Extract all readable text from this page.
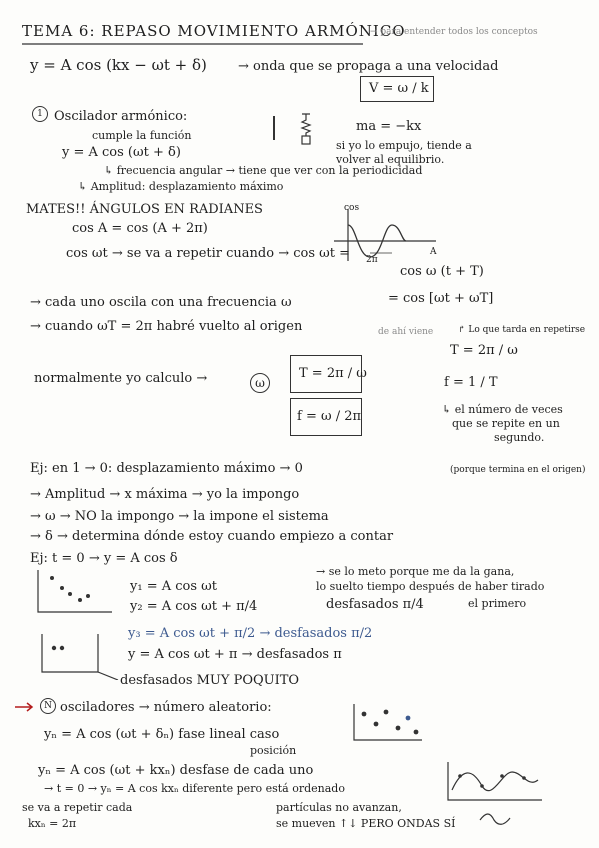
TEMA 6: REPASO MOVIMIENTO ARMÓNICO
→ para entender todos los conceptos
y = A cos (kx − ωt + δ) → onda que se propaga a una velocidad
V = ω / k
1 Oscilador armónico:
cumple la función
y = A cos (ωt + δ)
↳ frecuencia angular → tiene que ver con la periodicidad
↳ Amplitud: desplazamiento máximo
ma = −kx
si yo lo empujo, tiende a
volver al equilibrio.
MATES!! ÁNGULOS EN RADIANES
cos A = cos (A + 2π)
cos ωt → se va a repetir cuando → cos ωt =
cos ω (t + T)
= cos [ωt + ωT]
cos
A
2π
→ cada uno oscila con una frecuencia ω
→ cuando ωT = 2π habré vuelto al origen	de ahí viene
T = 2π / ω
↱ Lo que tarda en repetirse
normalmente yo calculo →	ω
T = 2π / ω
f = ω / 2π
f = 1 / T
↳ el número de veces
que se repite en un
segundo.
Ej: en 1 → 0: desplazamiento máximo → 0	(porque termina en el origen)
→ Amplitud → x máxima → yo la impongo
→ ω → NO la impongo → la impone el sistema
→ δ → determina dónde estoy cuando empiezo a contar
Ej: t = 0 → y = A cos δ
y₁ = A cos ωt
y₂ = A cos ωt + π/4	desfasados π/4
→ se lo meto porque me da la gana,
lo suelto tiempo después de haber tirado
el primero
y₃ = A cos ωt + π/2 → desfasados π/2
y = A cos ωt + π → desfasados π
desfasados MUY POQUITO
N osciladores → número aleatorio:
yₙ = A cos (ωt + δₙ) fase lineal caso
posición
yₙ = A cos (ωt + kxₙ) desfase de cada uno
→ t = 0 → yₙ = A cos kxₙ diferente pero está ordenado
se va a repetir cada
kxₙ = 2π
partículas no avanzan,
se mueven ↑↓ PERO ONDAS SÍ
